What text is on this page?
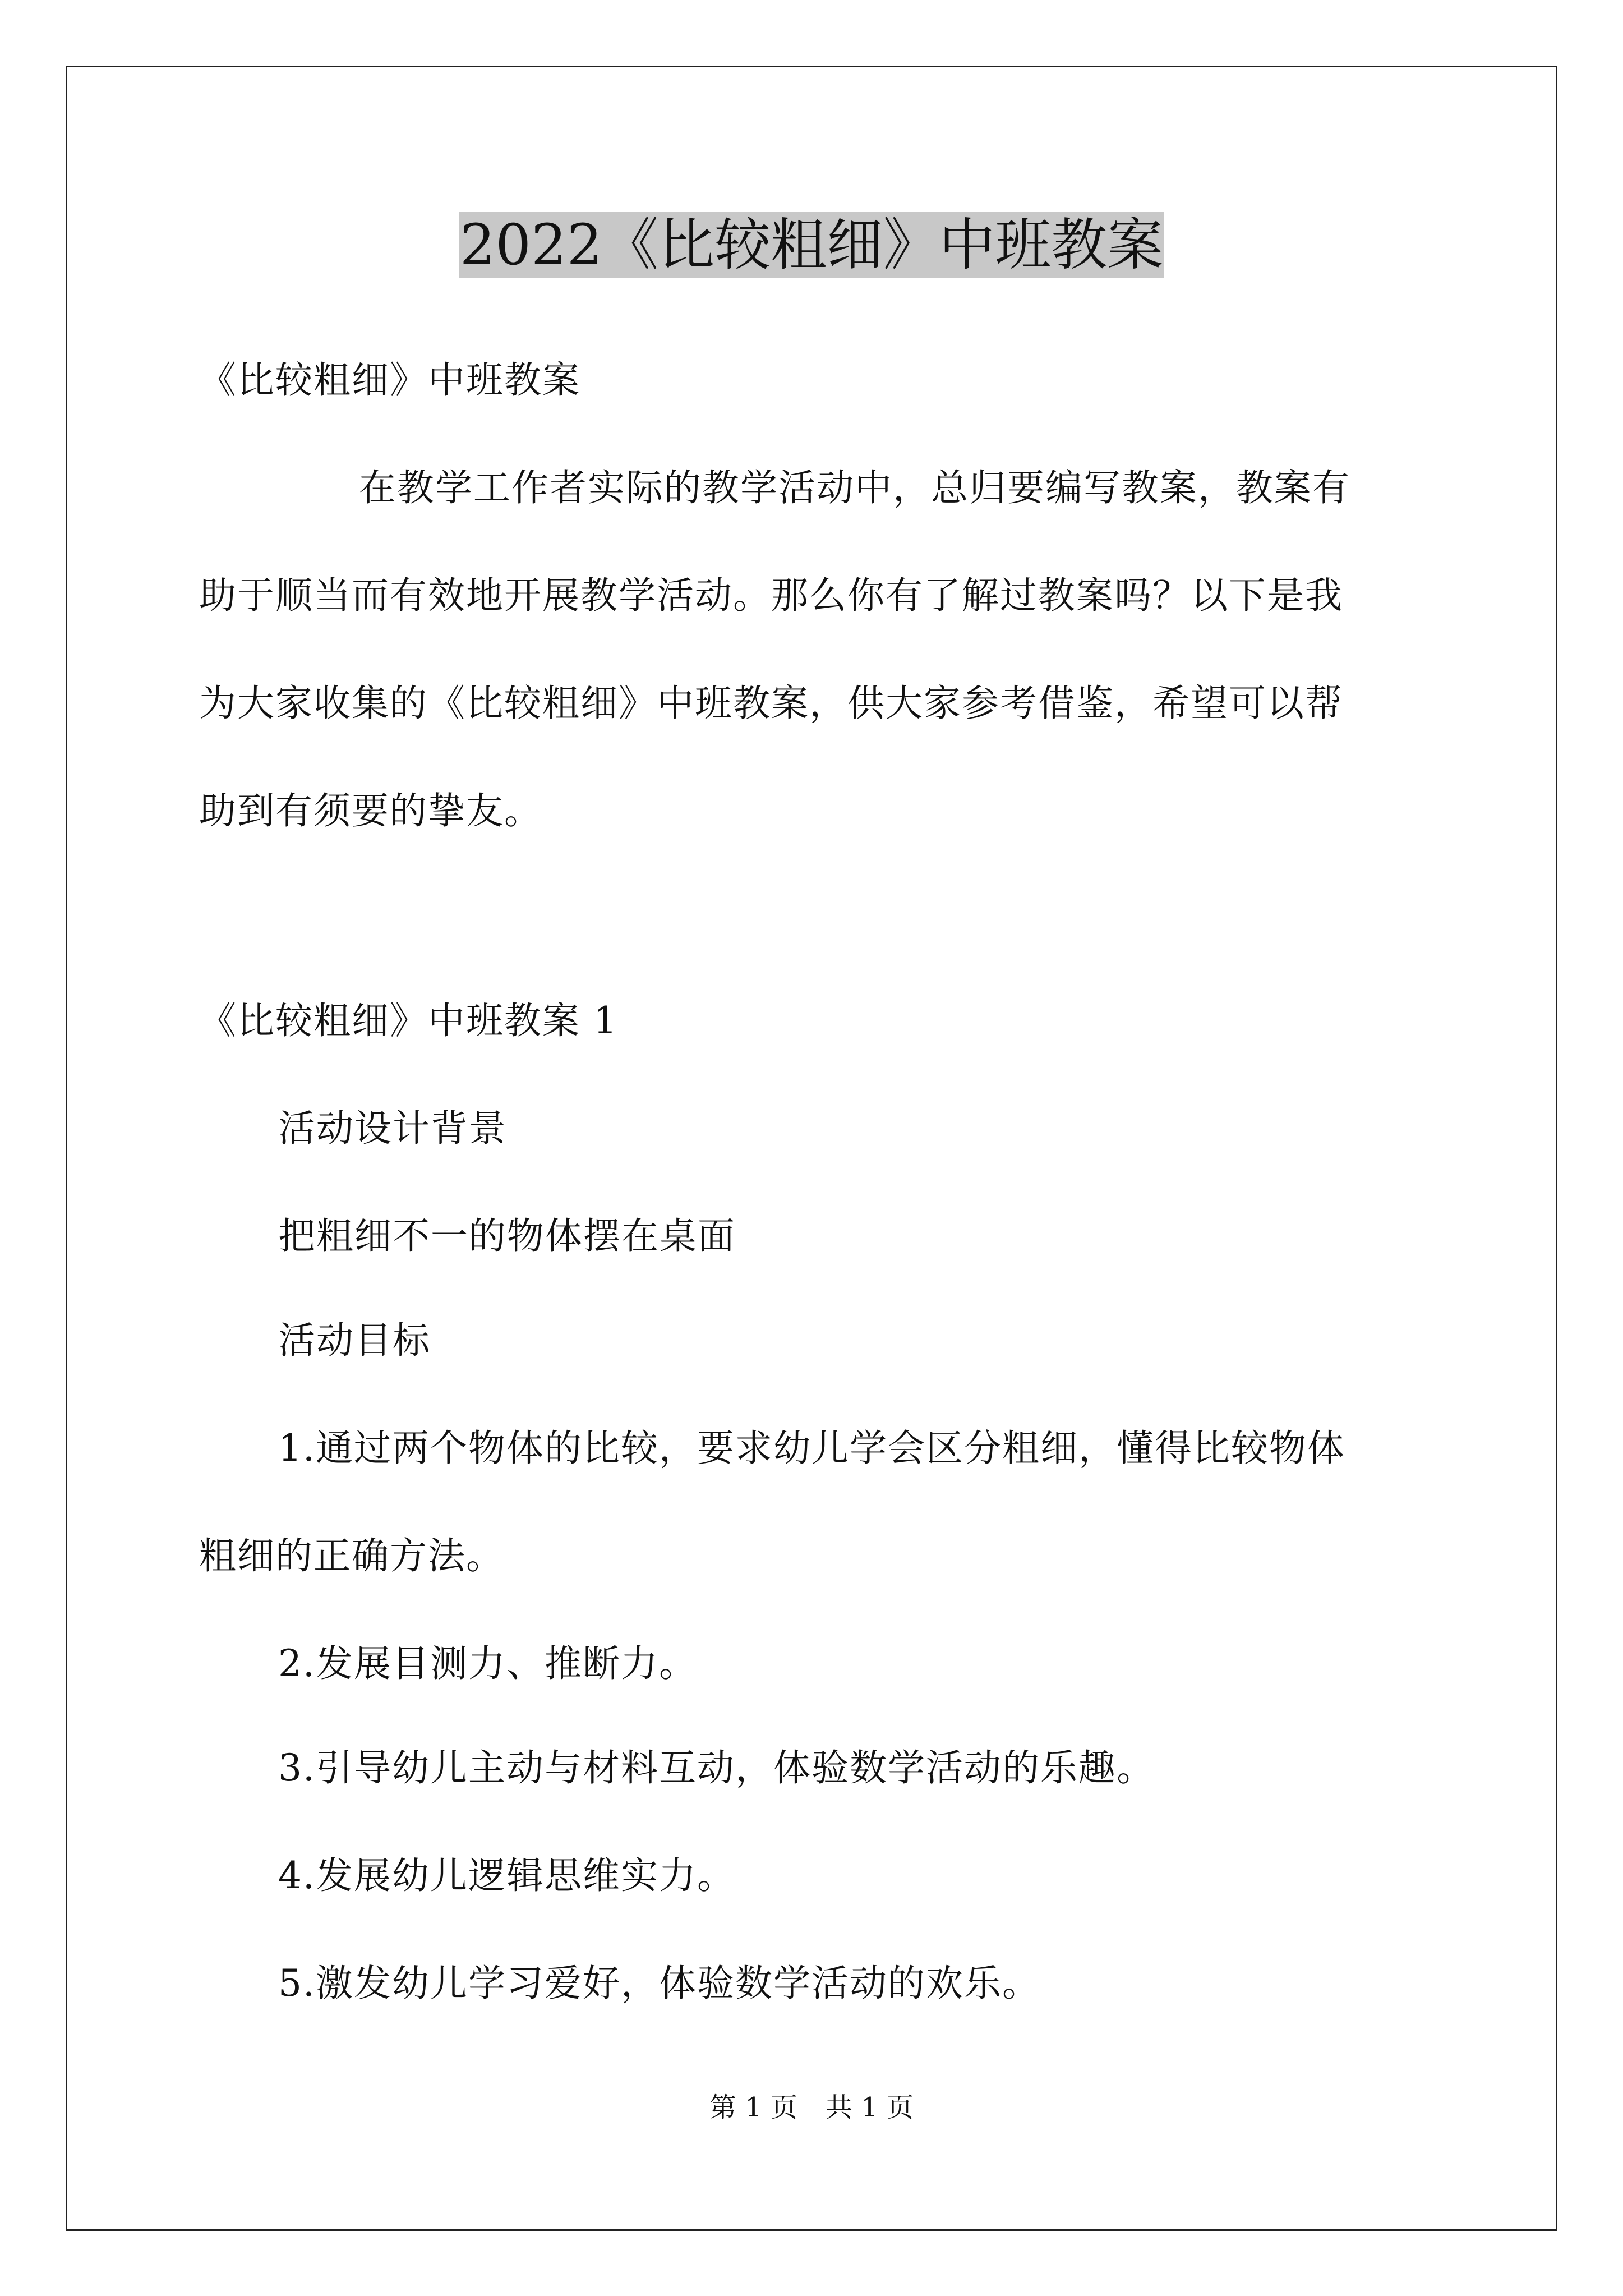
2022《比较粗细》中班教案
《比较粗细》中班教案
在教学工作者实际的教学活动中，总归要编写教案，教案有
助于顺当而有效地开展教学活动。那么你有了解过教案吗？以下是我
为大家收集的《比较粗细》中班教案，供大家参考借鉴，希望可以帮
助到有须要的挚友。
《比较粗细》中班教案 1
活动设计背景
把粗细不一的物体摆在桌面
活动目标
1.通过两个物体的比较，要求幼儿学会区分粗细，懂得比较物体
粗细的正确方法。
2.发展目测力、推断力。
3.引导幼儿主动与材料互动，体验数学活动的乐趣。
4.发展幼儿逻辑思维实力。
5.激发幼儿学习爱好，体验数学活动的欢乐。
第 1 页 共 1 页
